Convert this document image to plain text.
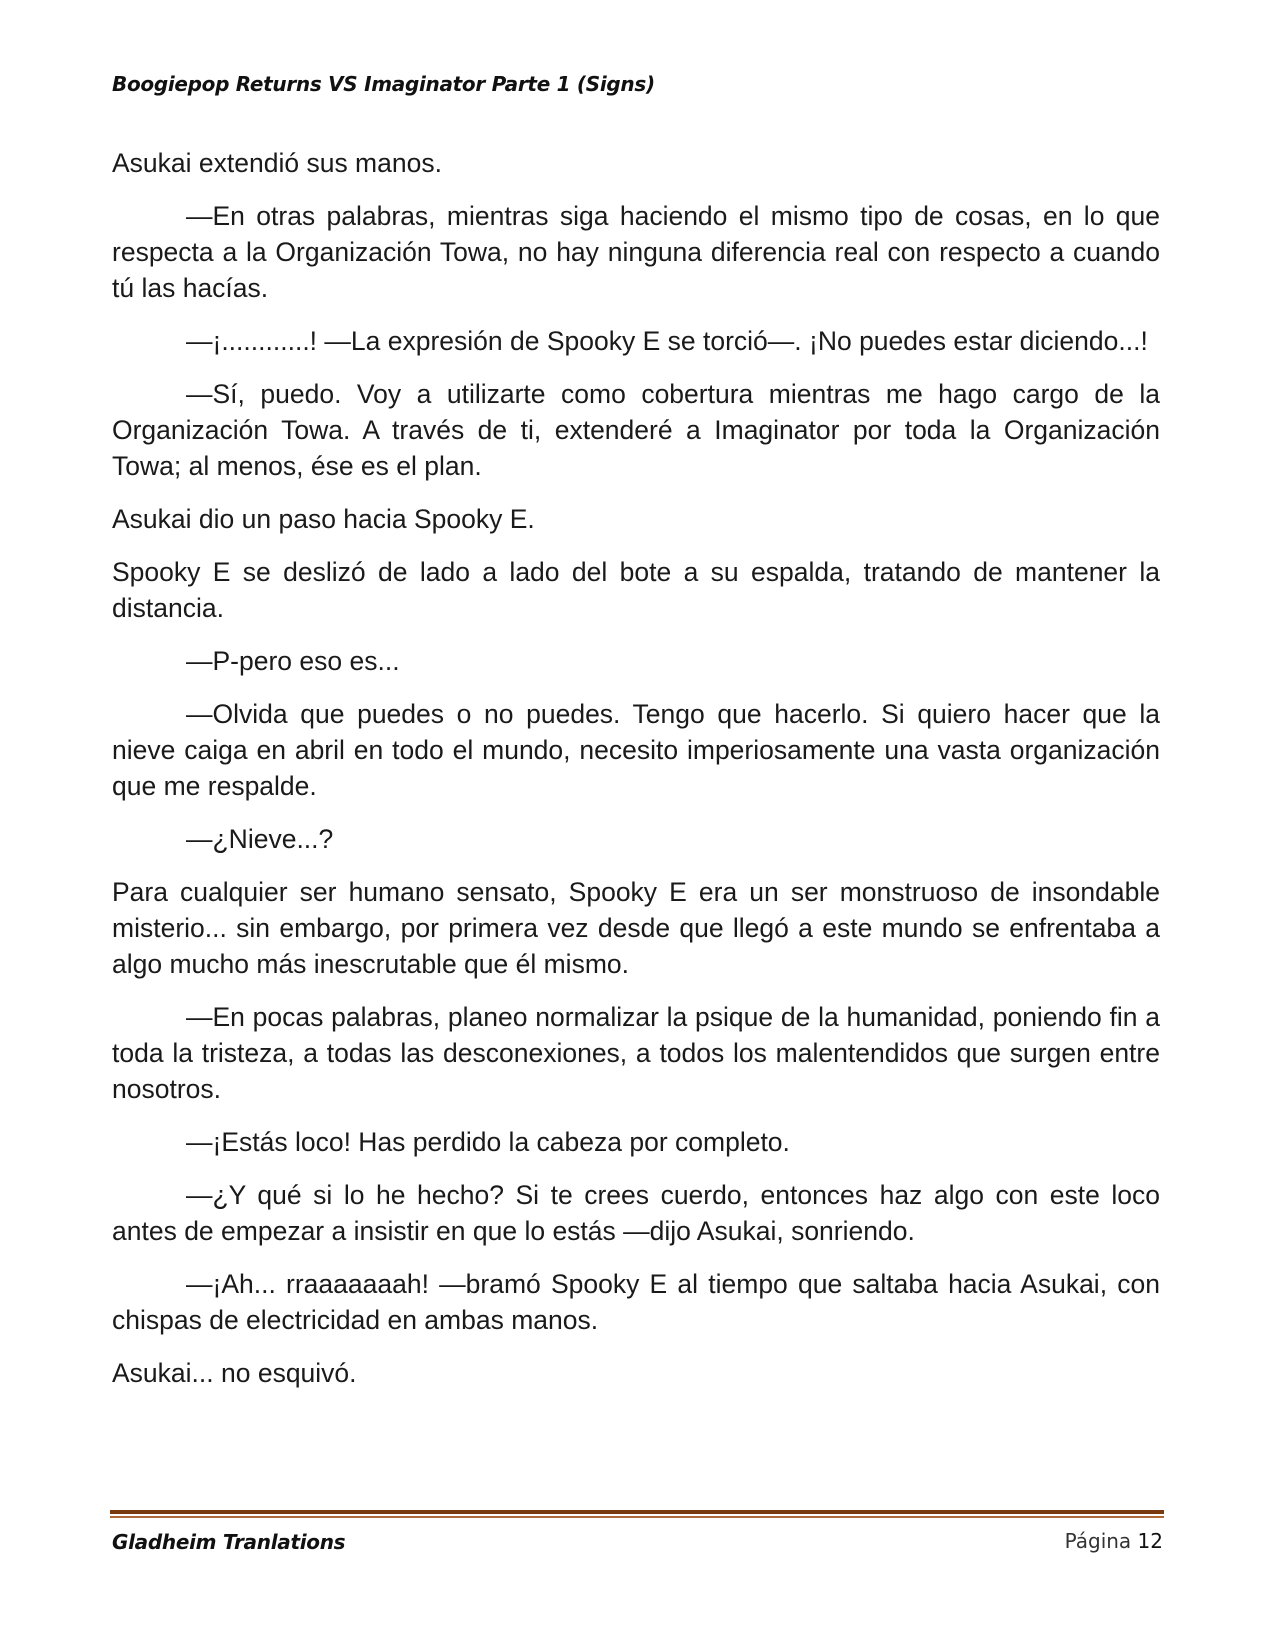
Boogiepop Returns VS Imaginator Parte 1 (Signs)

Asukai extendió sus manos.

—En otras palabras, mientras siga haciendo el mismo tipo de cosas, en lo que respecta a la Organización Towa, no hay ninguna diferencia real con respecto a cuando tú las hacías.

—¡............! —La expresión de Spooky E se torció—. ¡No puedes estar diciendo...!

—Sí, puedo. Voy a utilizarte como cobertura mientras me hago cargo de la Organización Towa. A través de ti, extenderé a Imaginator por toda la Organización Towa; al menos, ése es el plan.

Asukai dio un paso hacia Spooky E.

Spooky E se deslizó de lado a lado del bote a su espalda, tratando de mantener la distancia.

—P-pero eso es...

—Olvida que puedes o no puedes. Tengo que hacerlo. Si quiero hacer que la nieve caiga en abril en todo el mundo, necesito imperiosamente una vasta organización que me respalde.

—¿Nieve...?

Para cualquier ser humano sensato, Spooky E era un ser monstruoso de insondable misterio... sin embargo, por primera vez desde que llegó a este mundo se enfrentaba a algo mucho más inescrutable que él mismo.

—En pocas palabras, planeo normalizar la psique de la humanidad, poniendo fin a toda la tristeza, a todas las desconexiones, a todos los malentendidos que surgen entre nosotros.

—¡Estás loco! Has perdido la cabeza por completo.

—¿Y qué si lo he hecho? Si te crees cuerdo, entonces haz algo con este loco antes de empezar a insistir en que lo estás —dijo Asukai, sonriendo.

—¡Ah... rraaaaaaah! —bramó Spooky E al tiempo que saltaba hacia Asukai, con chispas de electricidad en ambas manos.

Asukai... no esquivó.

Gladheim Tranlations	Página 12
